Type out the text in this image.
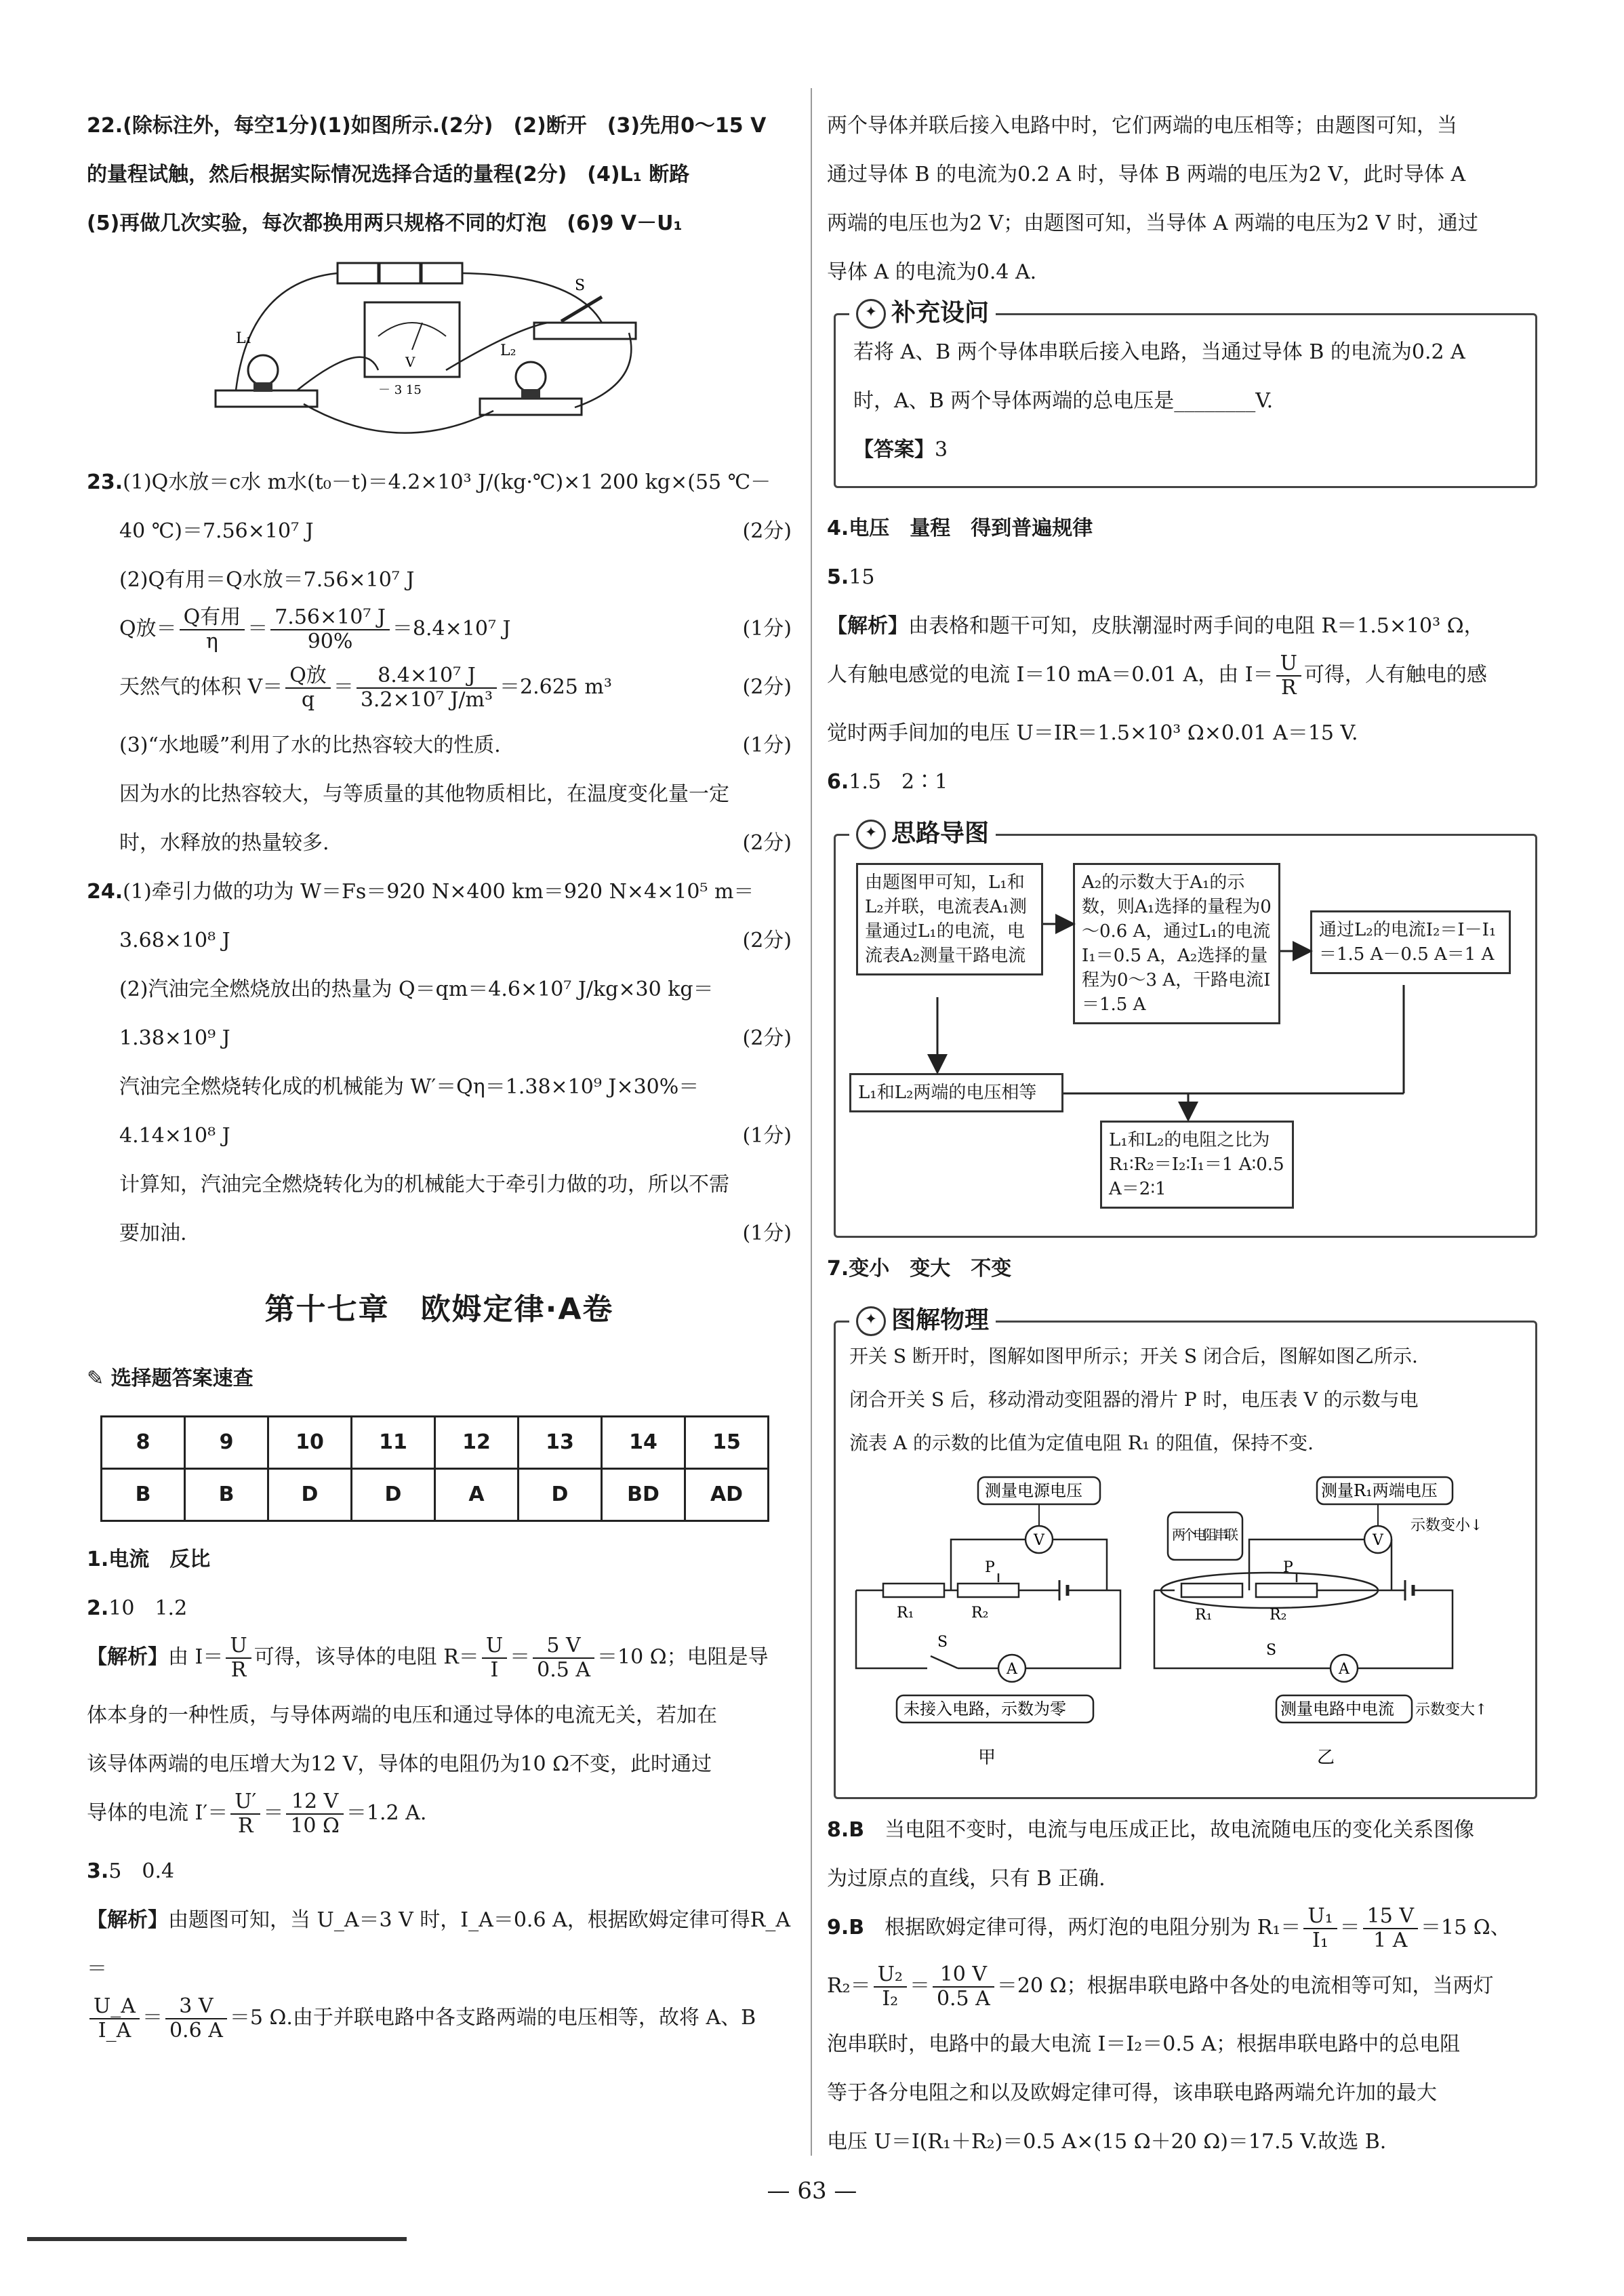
22.(除标注外，每空1分)(1)如图所示.(2分)　(2)断开　(3)先用0～15 V
的量程试触，然后根据实际情况选择合适的量程(2分)　(4)L₁ 断路
(5)再做几次实验，每次都换用两只规格不同的灯泡　(6)9 V－U₁
V
－ 3 15
S
L₁
L₂
23.(1)Q水放＝c水 m水(t₀－t)＝4.2×10³ J/(kg·℃)×1 200 kg×(55 ℃－
40 ℃)＝7.56×10⁷ J	(2分)
(2)Q有用＝Q水放＝7.56×10⁷ J
Q放＝ $\frac{\text{Q有用}}{\eta} = \frac{\text{7.56×10⁷ J}}{90\%} =8.4\times 10^7$ J	(1分)
天然气的体积 $V= \frac{\text{Q放}}{q} = \frac{\text{8.4×10⁷ J}}{\text{3.2×10⁷ J/m³}} =2.625$ m³	(2分)
(3)“水地暖”利用了水的比热容较大的性质.	(1分)
因为水的比热容较大，与等质量的其他物质相比，在温度变化量一定
时，水释放的热量较多.	(2分)
24.(1)牵引力做的功为 W＝Fs＝920 N×400 km＝920 N×4×10⁵ m＝
3.68×10⁸ J	(2分)
(2)汽油完全燃烧放出的热量为 Q＝qm＝4.6×10⁷ J/kg×30 kg＝
1.38×10⁹ J	(2分)
汽油完全燃烧转化成的机械能为 W′＝Qη＝1.38×10⁹ J×30%＝
4.14×10⁸ J	(1分)
计算知，汽油完全燃烧转化为的机械能大于牵引力做的功，所以不需
要加油.	(1分)
第十七章　欧姆定律·A卷
✎ 选择题答案速查
8	9	10	11	12	13	14	15
B	B	D	D	A	D	BD	AD
1.电流　反比
2.10　1.2
【解析】由 $I= \frac{U}{R}$ 可得，该导体的电阻 $R= \frac{U}{I} = \frac{5 V}{0.5 A} =10$ Ω；电阻是导
体本身的一种性质，与导体两端的电压和通过导体的电流无关，若加在
该导体两端的电压增大为12 V，导体的电阻仍为10 Ω不变，此时通过
导体的电流 $I'= \frac{U'}{R} = \frac{12 V}{10 \Omega} =1.2$ A.
3.5　0.4
【解析】由题图可知，当 U_A＝3 V 时，I_A＝0.6 A，根据欧姆定律可得R_A＝
$\frac{U\_A}{I\_A} = \frac{3 V}{0.6 A} =5$ Ω.由于并联电路中各支路两端的电压相等，故将 A、B
两个导体并联后接入电路中时，它们两端的电压相等；由题图可知，当
通过导体 B 的电流为0.2 A 时，导体 B 两端的电压为2 V，此时导体 A
两端的电压也为2 V；由题图可知，当导体 A 两端的电压为2 V 时，通过
导体 A 的电流为0.4 A.
✦ 补充设问
若将 A、B 两个导体串联后接入电路，当通过导体 B 的电流为0.2 A
时，A、B 两个导体两端的总电压是________V.
【答案】3
4.电压　量程　得到普遍规律
5.15
【解析】由表格和题干可知，皮肤潮湿时两手间的电阻 R＝1.5×10³ Ω，
人有触电感觉的电流 I＝10 mA＝0.01 A，由 $I= \frac{U}{R}$ 可得，人有触电的感
觉时两手间加的电压 U＝IR＝1.5×10³ Ω×0.01 A＝15 V.
6.1.5　2∶1
✦ 思路导图
由题图甲可知，L₁和L₂并联，电流表A₁测量通过L₁的电流，电流表A₂测量干路电流
A₂的示数大于A₁的示数，则A₁选择的量程为0～0.6 A，通过L₁的电流I₁＝0.5 A，A₂选择的量程为0～3 A，干路电流I＝1.5 A
通过L₂的电流I₂＝I－I₁＝1.5 A－0.5 A＝1 A
L₁和L₂两端的电压相等
L₁和L₂的电阻之比为R₁∶R₂＝I₂∶I₁＝1 A∶0.5 A＝2∶1
7.变小　变大　不变
✦ 图解物理
开关 S 断开时，图解如图甲所示；开关 S 闭合后，图解如图乙所示.
闭合开关 S 后，移动滑动变阻器的滑片 P 时，电压表 V 的示数与电
流表 A 的示数的比值为定值电阻 R₁ 的阻值，保持不变.
测量电源电压
V
R₁	R₂
P
A
S
未接入电路，示数为零
甲
测量R₁两端电压
示数变小↓
V
两个电阻串联
R₁	R₂
P
A
S
测量电路中电流 示数变大↑
乙
8.B　 当电阻不变时，电流与电压成正比，故电流随电压的变化关系图像
为过原点的直线，只有 B 正确.
9.B　 根据欧姆定律可得，两灯泡的电阻分别为 $R_1= \frac{\text{U₁}}{\text{I₁}} = \frac{15 V}{1 A} =15$ Ω、
$R_2= \frac{\text{U₂}}{\text{I₂}} = \frac{10 V}{0.5 A} =20$ Ω；根据串联电路中各处的电流相等可知，当两灯
泡串联时，电路中的最大电流 I＝I₂＝0.5 A；根据串联电路中的总电阻
等于各分电阻之和以及欧姆定律可得，该串联电路两端允许加的最大
电压 U＝I(R₁＋R₂)＝0.5 A×(15 Ω＋20 Ω)＝17.5 V.故选 B.
— 63 —
